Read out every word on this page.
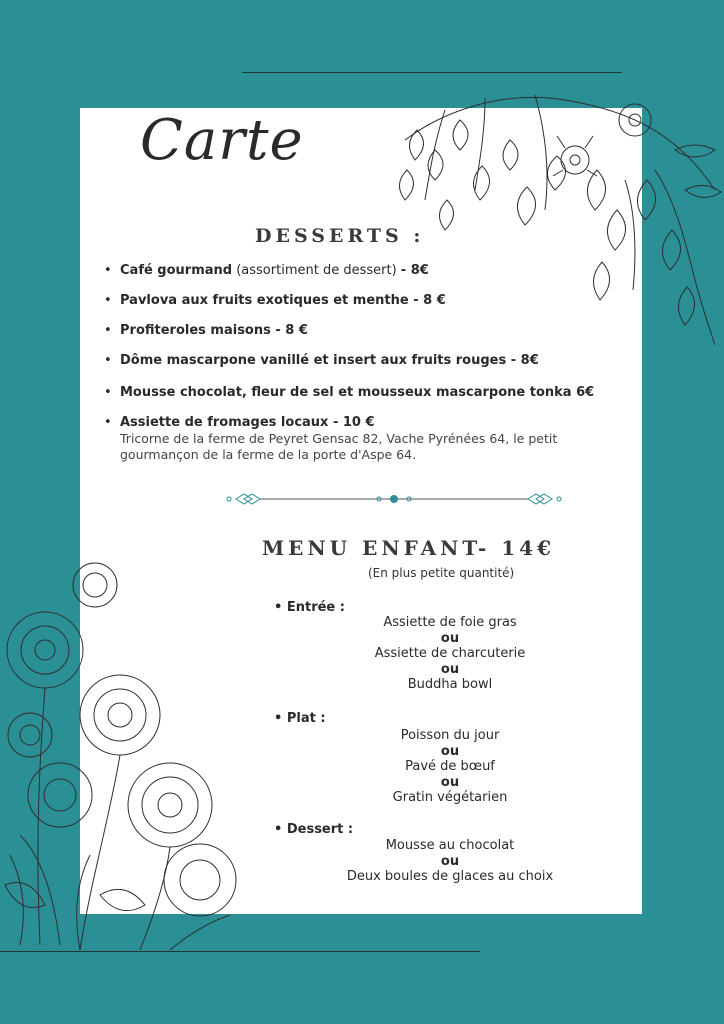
Carte
DESSERTS :
• Café gourmand (assortiment de dessert) - 8€
• Pavlova aux fruits exotiques et menthe - 8 €
• Profiteroles maisons - 8 €
• Dôme mascarpone vanillé et insert aux fruits rouges - 8€
• Mousse chocolat, fleur de sel et mousseux mascarpone tonka 6€
• Assiette de fromages locaux - 10 €
Tricorne de la ferme de Peyret Gensac 82, Vache Pyrénées 64, le petit gourmançon de la ferme de la porte d'Aspe 64.
MENU ENFANT- 14€
(En plus petite quantité)
• Entrée :
Assiette de foie gras
ou
Assiette de charcuterie
ou
Buddha bowl
• Plat :
Poisson du jour
ou
Pavé de bœuf
ou
Gratin végétarien
• Dessert :
Mousse au chocolat
ou
Deux boules de glaces au choix
